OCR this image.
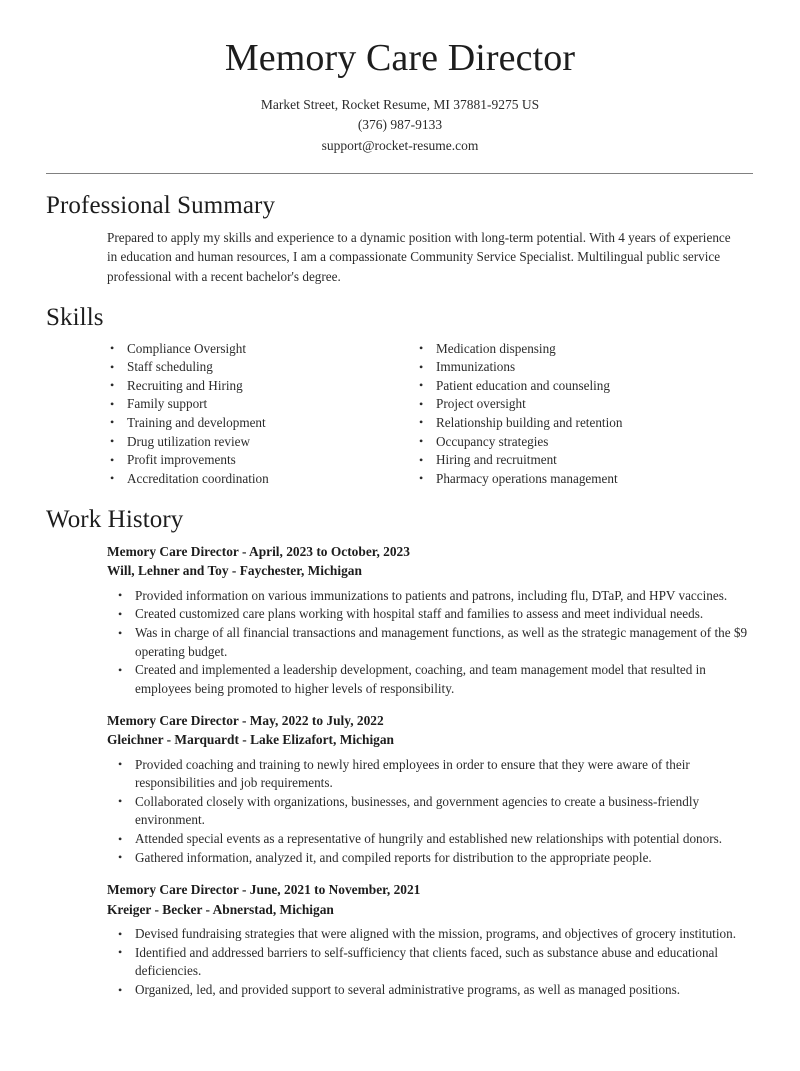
Memory Care Director
Market Street, Rocket Resume, MI 37881-9275 US
(376) 987-9133
support@rocket-resume.com
Professional Summary

Prepared to apply my skills and experience to a dynamic position with long-term potential. With 4 years of experience in education and human resources, I am a compassionate Community Service Specialist. Multilingual public service professional with a recent bachelor's degree.

Skills
• Compliance Oversight
• Staff scheduling
• Recruiting and Hiring
• Family support
• Training and development
• Drug utilization review
• Profit improvements
• Accreditation coordination
• Medication dispensing
• Immunizations
• Patient education and counseling
• Project oversight
• Relationship building and retention
• Occupancy strategies
• Hiring and recruitment
• Pharmacy operations management
Work History
Memory Care Director - April, 2023 to October, 2023
Will, Lehner and Toy - Faychester, Michigan
• Provided information on various immunizations to patients and patrons, including flu, DTaP, and HPV vaccines.
• Created customized care plans working with hospital staff and families to assess and meet individual needs.
• Was in charge of all financial transactions and management functions, as well as the strategic management of the $9 operating budget.
• Created and implemented a leadership development, coaching, and team management model that resulted in employees being promoted to higher levels of responsibility.
Memory Care Director - May, 2022 to July, 2022
Gleichner - Marquardt - Lake Elizafort, Michigan
• Provided coaching and training to newly hired employees in order to ensure that they were aware of their responsibilities and job requirements.
• Collaborated closely with organizations, businesses, and government agencies to create a business-friendly environment.
• Attended special events as a representative of hungrily and established new relationships with potential donors.
• Gathered information, analyzed it, and compiled reports for distribution to the appropriate people.
Memory Care Director - June, 2021 to November, 2021
Kreiger - Becker - Abnerstad, Michigan
• Devised fundraising strategies that were aligned with the mission, programs, and objectives of grocery institution.
• Identified and addressed barriers to self-sufficiency that clients faced, such as substance abuse and educational deficiencies.
• Organized, led, and provided support to several administrative programs, as well as managed positions.
